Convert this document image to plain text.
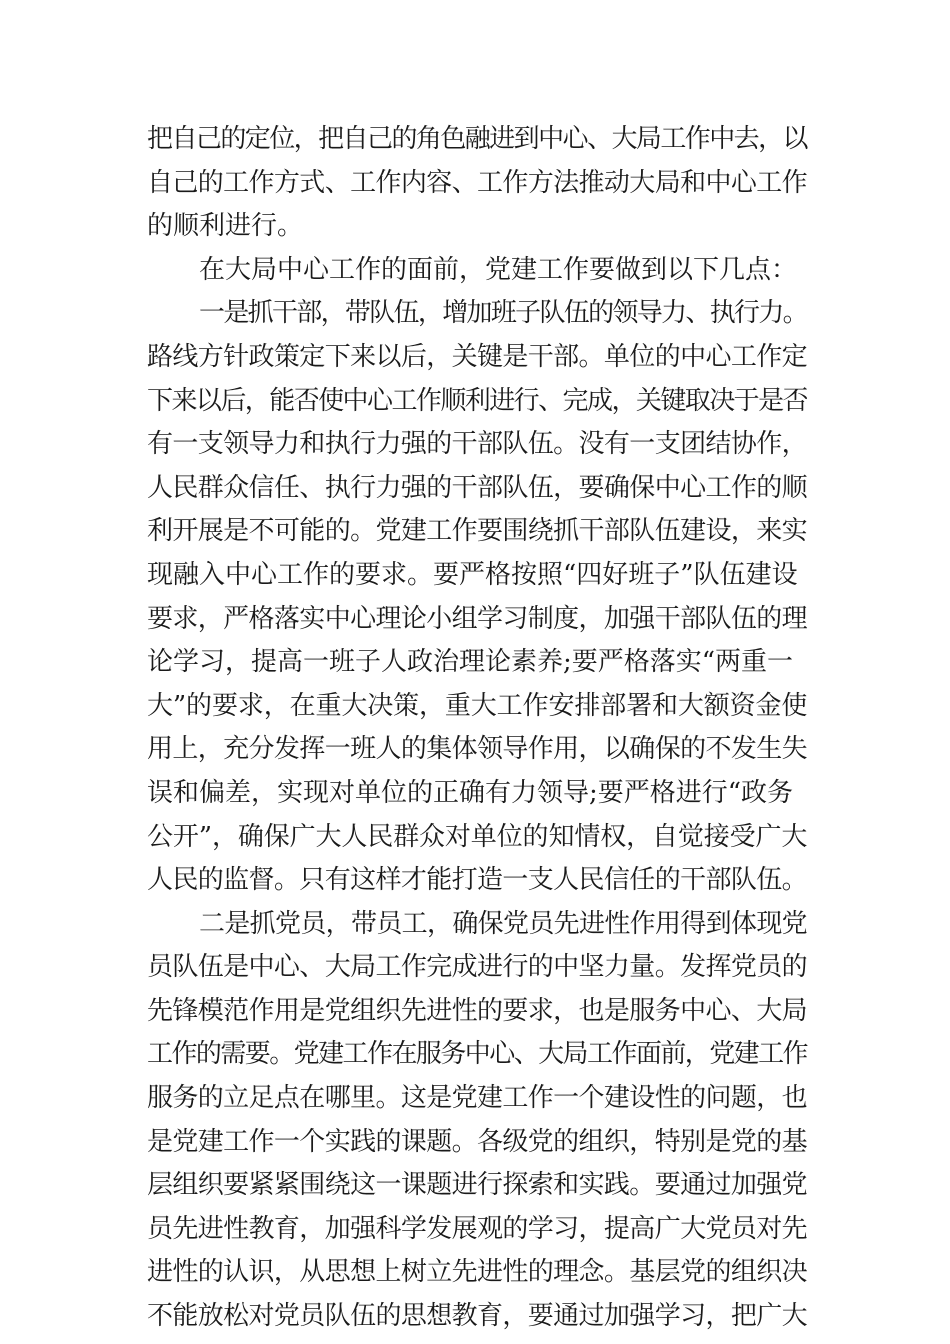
把自己的定位，把自己的角色融进到中心、大局工作中去，以
自己的工作方式、工作内容、工作方法推动大局和中心工作
的顺利进行。
在大局中心工作的面前，党建工作要做到以下几点：
一是抓干部，带队伍，增加班子队伍的领导力、执行力。
路线方针政策定下来以后，关键是干部。单位的中心工作定
下来以后，能否使中心工作顺利进行、完成，关键取决于是否
有一支领导力和执行力强的干部队伍。没有一支团结协作，
人民群众信任、执行力强的干部队伍，要确保中心工作的顺
利开展是不可能的。党建工作要围绕抓干部队伍建设，来实
现融入中心工作的要求。要严格按照“四好班子”队伍建设
要求，严格落实中心理论小组学习制度，加强干部队伍的理
论学习，提高一班子人政治理论素养;要严格落实“两重一
大”的要求，在重大决策，重大工作安排部署和大额资金使
用上，充分发挥一班人的集体领导作用，以确保的不发生失
误和偏差，实现对单位的正确有力领导;要严格进行“政务
公开”，确保广大人民群众对单位的知情权，自觉接受广大
人民的监督。只有这样才能打造一支人民信任的干部队伍。
二是抓党员，带员工，确保党员先进性作用得到体现党
员队伍是中心、大局工作完成进行的中坚力量。发挥党员的
先锋模范作用是党组织先进性的要求，也是服务中心、大局
工作的需要。党建工作在服务中心、大局工作面前，党建工作
服务的立足点在哪里。这是党建工作一个建设性的问题，也
是党建工作一个实践的课题。各级党的组织，特别是党的基
层组织要紧紧围绕这一课题进行探索和实践。要通过加强党
员先进性教育，加强科学发展观的学习，提高广大党员对先
进性的认识，从思想上树立先进性的理念。基层党的组织决
不能放松对党员队伍的思想教育，要通过加强学习，把广大
